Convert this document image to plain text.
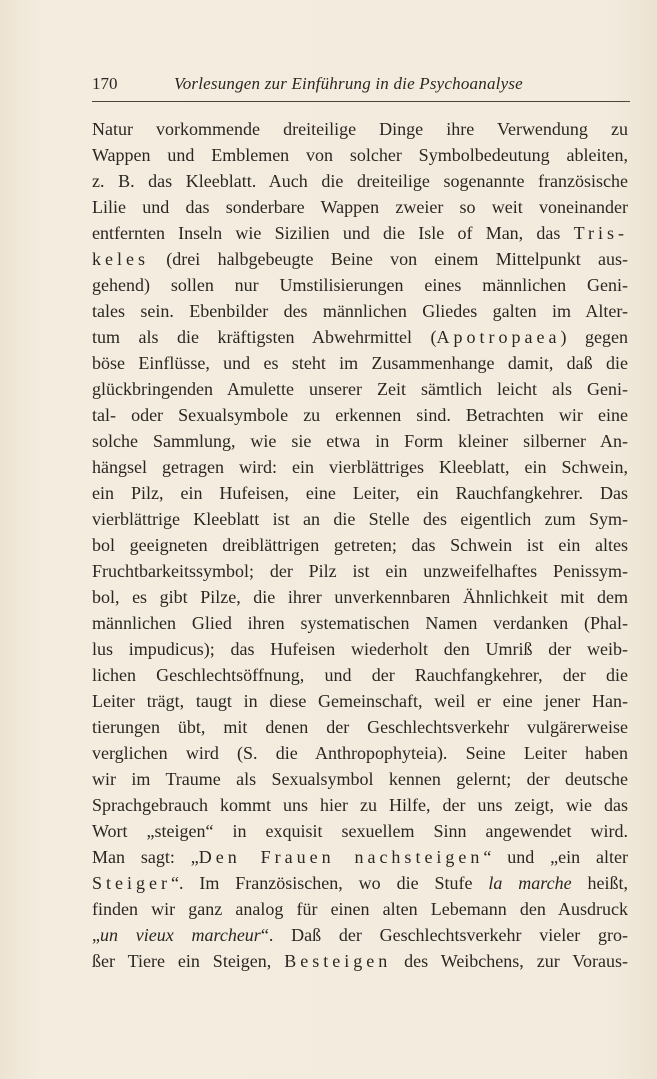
170	Vorlesungen zur Einführung in die Psychoanalyse
Natur vorkommende dreiteilige Dinge ihre Verwendung zu
Wappen und Emblemen von solcher Symbolbedeutung ableiten,
z. B. das Kleeblatt. Auch die dreiteilige sogenannte französische
Lilie und das sonderbare Wappen zweier so weit voneinander
entfernten Inseln wie Sizilien und die Isle of Man, das Tris-
keles (drei halbgebeugte Beine von einem Mittelpunkt aus-
gehend) sollen nur Umstilisierungen eines männlichen Geni-
tales sein. Ebenbilder des männlichen Gliedes galten im Alter-
tum als die kräftigsten Abwehrmittel (Apotropaea) gegen
böse Einflüsse, und es steht im Zusammenhange damit, daß die
glückbringenden Amulette unserer Zeit sämtlich leicht als Geni-
tal- oder Sexualsymbole zu erkennen sind. Betrachten wir eine
solche Sammlung, wie sie etwa in Form kleiner silberner An-
hängsel getragen wird: ein vierblättriges Kleeblatt, ein Schwein,
ein Pilz, ein Hufeisen, eine Leiter, ein Rauchfangkehrer. Das
vierblättrige Kleeblatt ist an die Stelle des eigentlich zum Sym-
bol geeigneten dreiblättrigen getreten; das Schwein ist ein altes
Fruchtbarkeitssymbol; der Pilz ist ein unzweifelhaftes Penissym-
bol, es gibt Pilze, die ihrer unverkennbaren Ähnlichkeit mit dem
männlichen Glied ihren systematischen Namen verdanken (Phal-
lus impudicus); das Hufeisen wiederholt den Umriß der weib-
lichen Geschlechtsöffnung, und der Rauchfangkehrer, der die
Leiter trägt, taugt in diese Gemeinschaft, weil er eine jener Han-
tierungen übt, mit denen der Geschlechtsverkehr vulgärerweise
verglichen wird (S. die Anthropophyteia). Seine Leiter haben
wir im Traume als Sexualsymbol kennen gelernt; der deutsche
Sprachgebrauch kommt uns hier zu Hilfe, der uns zeigt, wie das
Wort „steigen“ in exquisit sexuellem Sinn angewendet wird.
Man sagt: „Den Frauen nachsteigen“ und „ein alter
Steiger“. Im Französischen, wo die Stufe la marche heißt,
finden wir ganz analog für einen alten Lebemann den Ausdruck
„un vieux marcheur“. Daß der Geschlechtsverkehr vieler gro-
ßer Tiere ein Steigen, Besteigen des Weibchens, zur Voraus-
